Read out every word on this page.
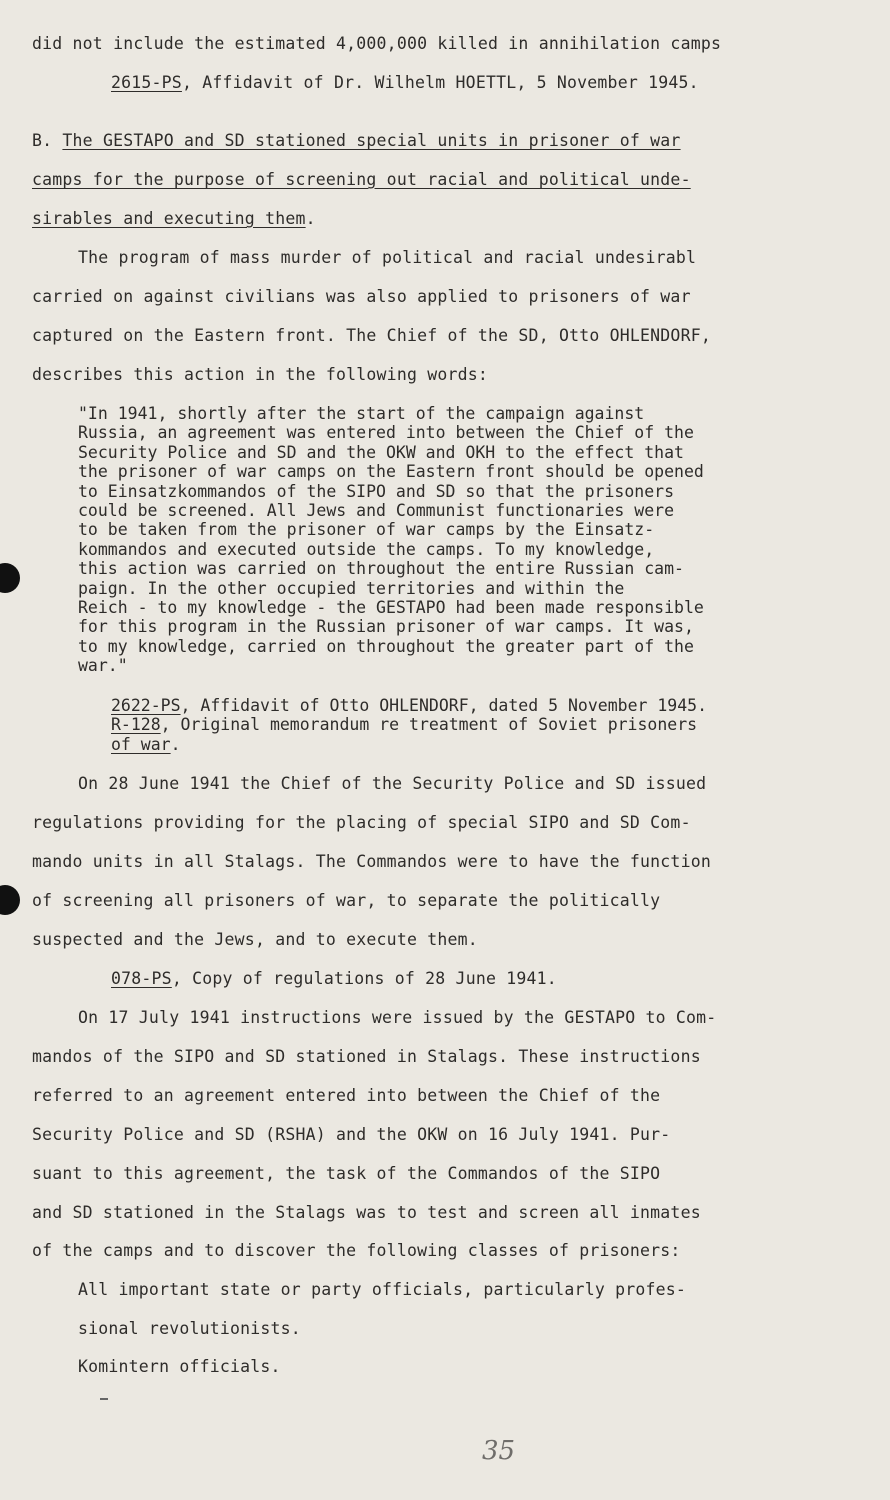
did not include the estimated 4,000,000 killed in annihilation camps
2615-PS, Affidavit of Dr. Wilhelm HOETTL, 5 November 1945.
B. The GESTAPO and SD stationed special units in prisoner of war
camps for the purpose of screening out racial and political unde-
sirables and executing them.
The program of mass murder of political and racial undesirabl
carried on against civilians was also applied to prisoners of war
captured on the Eastern front. The Chief of the SD, Otto OHLENDORF,
describes this action in the following words:
On 28 June 1941 the Chief of the Security Police and SD issued
regulations providing for the placing of special SIPO and SD Com-
mando units in all Stalags. The Commandos were to have the function
of screening all prisoners of war, to separate the politically
suspected and the Jews, and to execute them.
078-PS, Copy of regulations of 28 June 1941.
On 17 July 1941 instructions were issued by the GESTAPO to Com-
mandos of the SIPO and SD stationed in Stalags. These instructions
referred to an agreement entered into between the Chief of the
Security Police and SD (RSHA) and the OKW on 16 July 1941. Pur-
suant to this agreement, the task of the Commandos of the SIPO
and SD stationed in the Stalags was to test and screen all inmates
of the camps and to discover the following classes of prisoners:
All important state or party officials, particularly profes-
sional revolutionists.
Komintern officials.
"In 1941, shortly after the start of the campaign against
Russia, an agreement was entered into between the Chief of the
Security Police and SD and the OKW and OKH to the effect that
the prisoner of war camps on the Eastern front should be opened
to Einsatzkommandos of the SIPO and SD so that the prisoners
could be screened. All Jews and Communist functionaries were
to be taken from the prisoner of war camps by the Einsatz-
kommandos and executed outside the camps. To my knowledge,
this action was carried on throughout the entire Russian cam-
paign. In the other occupied territories and within the
Reich - to my knowledge - the GESTAPO had been made responsible
for this program in the Russian prisoner of war camps. It was,
to my knowledge, carried on throughout the greater part of the
war."
2622-PS, Affidavit of Otto OHLENDORF, dated 5 November 1945.
R-128, Original memorandum re treatment of Soviet prisoners
of war.
35
